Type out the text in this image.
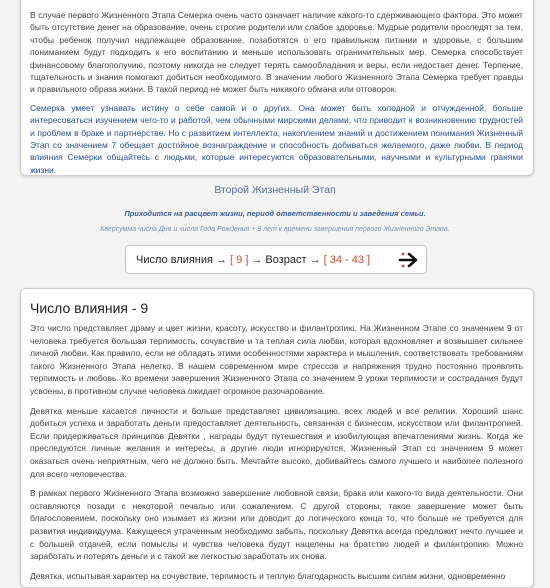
В случае первого Жизненного Этапа Семерка очень часто означает наличие какого-то сдерживающего фактора. Это может быть отсутствие денег на образование, очень строгие родители или слабое здоровье. Мудрые родители проследят за тем, чтобы ребенок получил надлежащее образование, позаботятся о его правильном питании и здоровье, с большим пониманием будут подходить к его воспитанию и меньше использовать ограничительных мер. Семерка способствует финансовому благополучию, поэтому никогда не следует терять самообладания и веры, если недостает денег. Терпение, тщательность и знания помогают добиться необходимого. В значении любого Жизненного Этапа Семерка требует правды и правильного образа жизни. В такой период не может быть никакого обмана или отговорок.

Семерка умеет узнавать истину о себе самой и о других. Она может быть холодной и отчужденной, больше интересоваться изучением чего-то и работой, чем обычными мирскими делами, что приводит к возникновению трудностей и проблем в браке и партнерстве. Но с развитием интеллекта, накоплением знаний и достижением понимания Жизненный Этап со значением 7 обещает достойное вознаграждение и способность добиваться желаемого, даже любви. В период влияния Семерки общайтесь с людьми, которые интересуются образовательными, научными и культурными гранями жизни.

Второй Жизненный Этап
Приходится на расцвет жизни, период ответственности и заведения семьи.
Кверсумма числа Дня и числа Года Рождения + 9 лет к времени завершения первого Жизненного Этапа.
Число влияния → [ 9 ] → Возраст → [ 34 - 43 ]
Число влияния - 9

Это число представляет драму и цвет жизни, красоту, искусство и филантропию. На Жизненном Этапе со значением 9 от человека требуется большая терпимость, сочувствие и та теплая сила любви, которая вдохновляет и возвышает сильнее личной любви. Как правило, если не обладать этими особенностями характера и мышления, соответствовать требованиям такого Жизненного Этапа нелегко. В нашем современном мире стрессов и напряжения трудно постоянно проявлять терпимость и любовь. Ко времени завершения Жизненного Этапа со значением 9 уроки терпимости и сострадания будут усвоены, в противном случае человека ожидает огромное разочарование.

Девятка меньше касается личности и больше представляет цивилизацию, всех людей и все религии. Хороший шанс добиться успеха и заработать деньги предоставляет деятельность, связанная с бизнесом, искусством или филантропией. Если придерживаться принципов Девятки , награды будут путешествия и изобилующая впечатлениями жизнь. Когда же преследуются личные желания и интересы, а другие люди игнорируются, Жизненный Этап со значением 9 может оказаться очень неприятным, чего не должно быть. Мечтайте высоко, добивайтесь самого лучшего и наиболее полезного для всего человечества.

В рамках первого Жизненного Этапа возможно завершение любовной связи, брака или какого-то вида деятельности. Они оставляются позади с некоторой печалью или сожалением. С другой стороны, такое завершение может быть благословением, поскольку оно изымает из жизни или доводит до логического конца то, что больше не требуется для развития индивидуума. Кажущееся утраченным необходимо забыть, поскольку Девятка всегда предложит нечто лучшее и с большей отдачей, если помыслы и чувства человека будут нацелены на братство людей и филантропию. Можно заработать и потерять деньги и с такой же легкостью заработать их снова.

Девятка, испытывая характер на сочувствие, терпимость и теплую благодарность высшим силам жизни, одновременно
